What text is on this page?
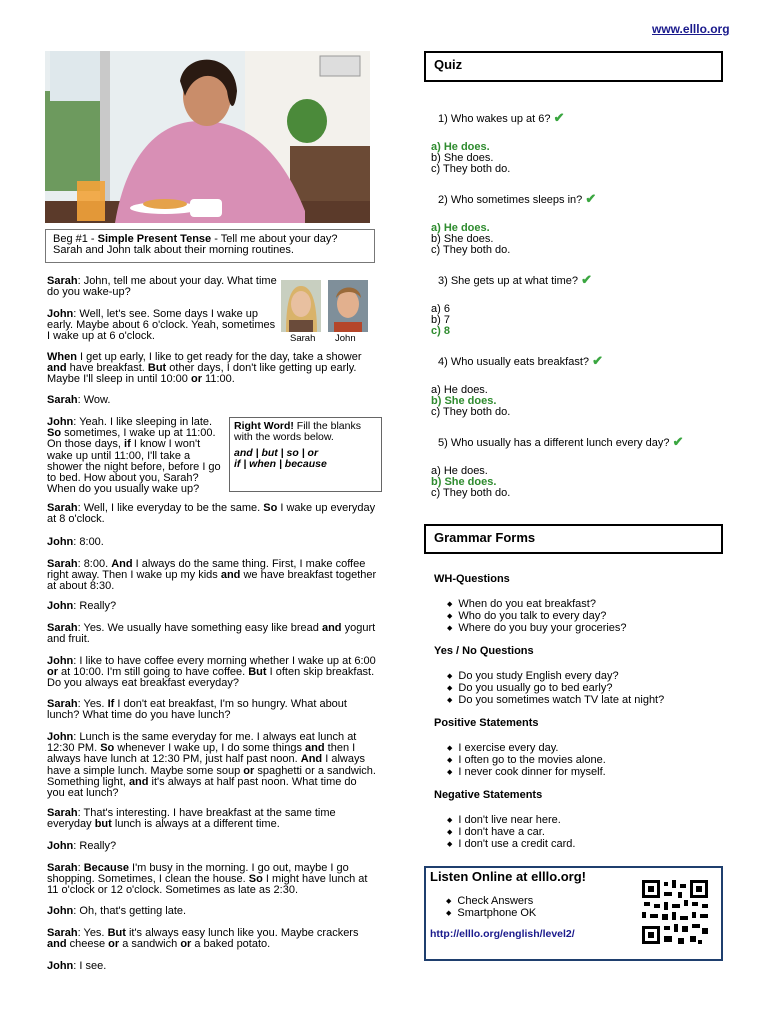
www.elllo.org
Beg #1 - Simple Present Tense - Tell me about your day?
Sarah and John talk about their morning routines.
Sarah John
Sarah: John, tell me about your day. What time do you wake-up?
John: Well, let's see. Some days I wake up early. Maybe about 6 o'clock. Yeah, sometimes I wake up at 6 o'clock.
When I get up early, I like to get ready for the day, take a shower and have breakfast. But other days, I don't like getting up early. Maybe I'll sleep in until 10:00 or 11:00.
Sarah: Wow.
John: Yeah. I like sleeping in late. So sometimes, I wake up at 11:00. On those days, if I know I won't wake up until 11:00, I'll take a shower the night before, before I go to bed. How about you, Sarah? When do you usually wake up?
Right Word! Fill the blanks
with the words below.
and | but | so | or
if | when | because
Sarah: Well, I like everyday to be the same. So I wake up everyday at 8 o'clock.
John: 8:00.
Sarah: 8:00. And I always do the same thing. First, I make coffee right away. Then I wake up my kids and we have breakfast together at about 8:30.
John: Really?
Sarah: Yes. We usually have something easy like bread and yogurt and fruit.
John: I like to have coffee every morning whether I wake up at 6:00 or at 10:00. I'm still going to have coffee. But I often skip breakfast. Do you always eat breakfast everyday?
Sarah: Yes. If I don't eat breakfast, I'm so hungry. What about lunch? What time do you have lunch?
John: Lunch is the same everyday for me. I always eat lunch at 12:30 PM. So whenever I wake up, I do some things and then I always have lunch at 12:30 PM, just half past noon. And I always have a simple lunch. Maybe some soup or spaghetti or a sandwich. Something light, and it's always at half past noon. What time do you eat lunch?
Sarah: That's interesting. I have breakfast at the same time everyday but lunch is always at a different time.
John: Really?
Sarah: Because I'm busy in the morning. I go out, maybe I go shopping. Sometimes, I clean the house. So I might have lunch at 11 o'clock or 12 o'clock. Sometimes as late as 2:30.
John: Oh, that's getting late.
Sarah: Yes. But it's always easy lunch like you. Maybe crackers and cheese or a sandwich or a baked potato.
John: I see.
Quiz
1) Who wakes up at 6? ✔
a) He does.
b) She does.
c) They both do.
2) Who sometimes sleeps in? ✔
a) He does.
b) She does.
c) They both do.
3) She gets up at what time? ✔
a) 6
b) 7
c) 8
4) Who usually eats breakfast? ✔
a) He does.
b) She does.
c) They both do.
5) Who usually has a different lunch every day? ✔
a) He does.
b) She does.
c) They both do.
Grammar Forms
WH-Questions
◆ When do you eat breakfast?
◆ Who do you talk to every day?
◆ Where do you buy your groceries?
Yes / No Questions
◆ Do you study English every day?
◆ Do you usually go to bed early?
◆ Do you sometimes watch TV late at night?
Positive Statements
◆ I exercise every day.
◆ I often go to the movies alone.
◆ I never cook dinner for myself.
Negative Statements
◆ I don't live near here.
◆ I don't have a car.
◆ I don't use a credit card.
Listen Online at elllo.org!
◆ Check Answers
◆ Smartphone OK
http://elllo.org/english/level2/
